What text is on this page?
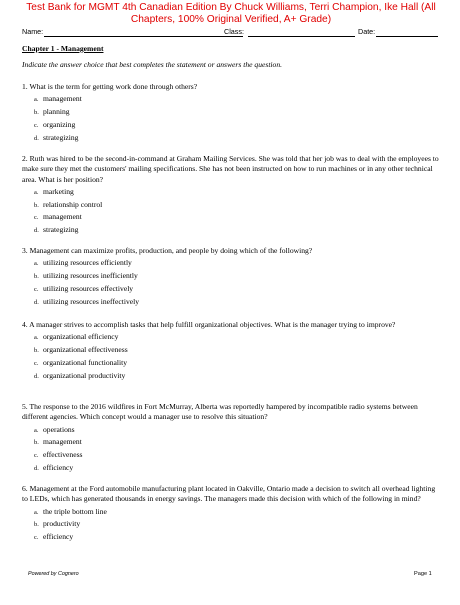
Test Bank for MGMT 4th Canadian Edition By Chuck Williams, Terri Champion, Ike Hall (All Chapters, 100% Original Verified, A+ Grade)
Name:	Class:	Date:
Chapter 1 - Management
Indicate the answer choice that best completes the statement or answers the question.
1. What is the term for getting work done through others?
a. management
b. planning
c. organizing
d. strategizing
2. Ruth was hired to be the second-in-command at Graham Mailing Services. She was told that her job was to deal with the employees to make sure they met the customers' mailing specifications. She has not been instructed on how to run machines or in any other technical area. What is her position?
a. marketing
b. relationship control
c. management
d. strategizing
3. Management can maximize profits, production, and people by doing which of the following?
a. utilizing resources efficiently
b. utilizing resources inefficiently
c. utilizing resources effectively
d. utilizing resources ineffectively
4. A manager strives to accomplish tasks that help fulfill organizational objectives. What is the manager trying to improve?
a. organizational efficiency
b. organizational effectiveness
c. organizational functionality
d. organizational productivity
5. The response to the 2016 wildfires in Fort McMurray, Alberta was reportedly hampered by incompatible radio systems between different agencies. Which concept would a manager use to resolve this situation?
a. operations
b. management
c. effectiveness
d. efficiency
6. Management at the Ford automobile manufacturing plant located in Oakville, Ontario made a decision to switch all overhead lighting to LEDs, which has generated thousands in energy savings. The managers made this decision with which of the following in mind?
a. the triple bottom line
b. productivity
c. efficiency
Powered by Cognero	Page 1
